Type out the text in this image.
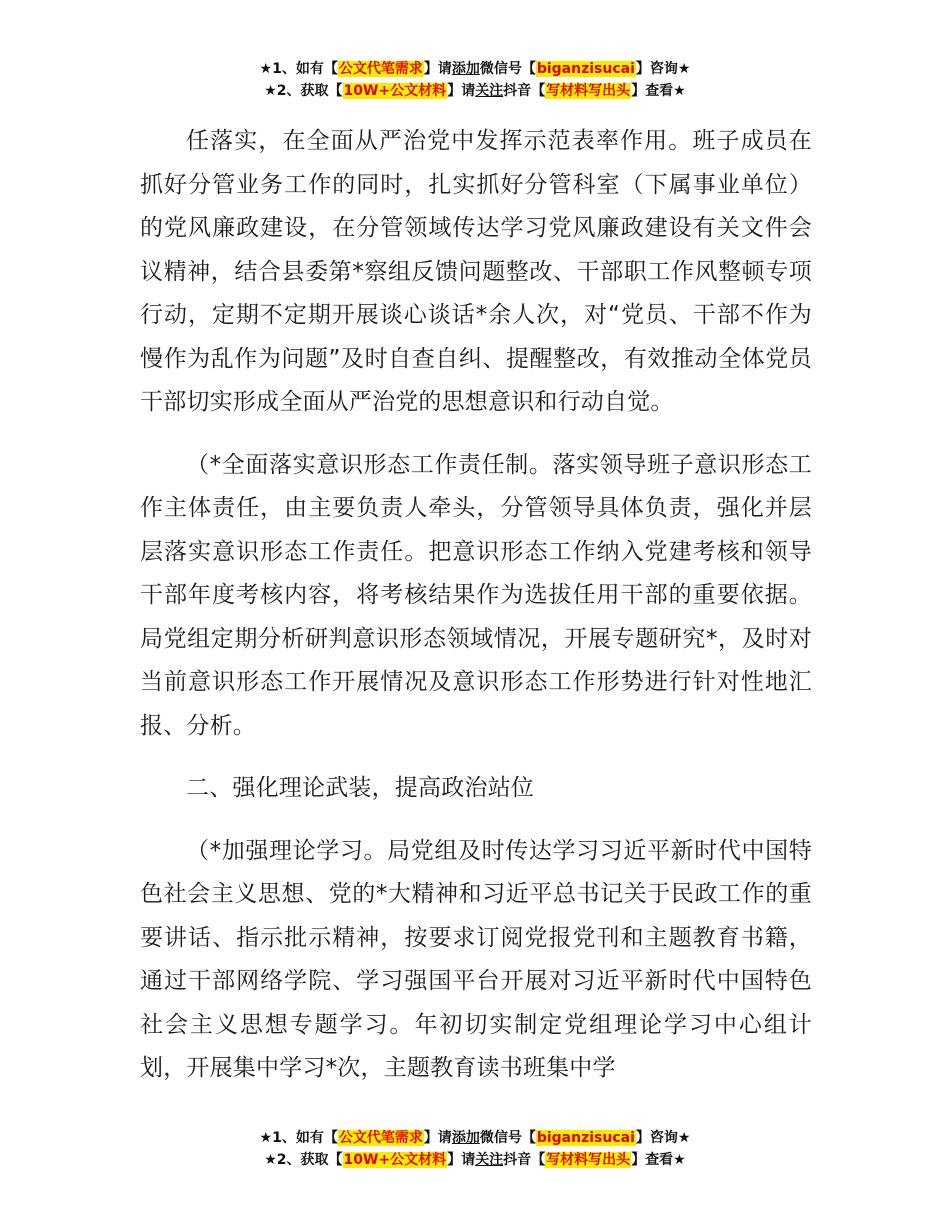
★1、如有【公文代笔需求】请添加微信号【biganzisucai】咨询★
★2、获取【10W+公文材料】请关注抖音【写材料写出头】查看★

任落实，在全面从严治党中发挥示范表率作用。班子成员在抓好分管业务工作的同时，扎实抓好分管科室（下属事业单位）的党风廉政建设，在分管领域传达学习党风廉政建设有关文件会议精神，结合县委第*察组反馈问题整改、干部职工作风整顿专项行动，定期不定期开展谈心谈话*余人次，对“党员、干部不作为慢作为乱作为问题”及时自查自纠、提醒整改，有效推动全体党员干部切实形成全面从严治党的思想意识和行动自觉。

（*全面落实意识形态工作责任制。落实领导班子意识形态工作主体责任，由主要负责人牵头，分管领导具体负责，强化并层层落实意识形态工作责任。把意识形态工作纳入党建考核和领导干部年度考核内容，将考核结果作为选拔任用干部的重要依据。局党组定期分析研判意识形态领域情况，开展专题研究*，及时对当前意识形态工作开展情况及意识形态工作形势进行针对性地汇报、分析。

二、强化理论武装，提高政治站位

（*加强理论学习。局党组及时传达学习习近平新时代中国特色社会主义思想、党的*大精神和习近平总书记关于民政工作的重要讲话、指示批示精神，按要求订阅党报党刊和主题教育书籍，通过干部网络学院、学习强国平台开展对习近平新时代中国特色社会主义思想专题学习。年初切实制定党组理论学习中心组计划，开展集中学习*次，主题教育读书班集中学

★1、如有【公文代笔需求】请添加微信号【biganzisucai】咨询★
★2、获取【10W+公文材料】请关注抖音【写材料写出头】查看★
